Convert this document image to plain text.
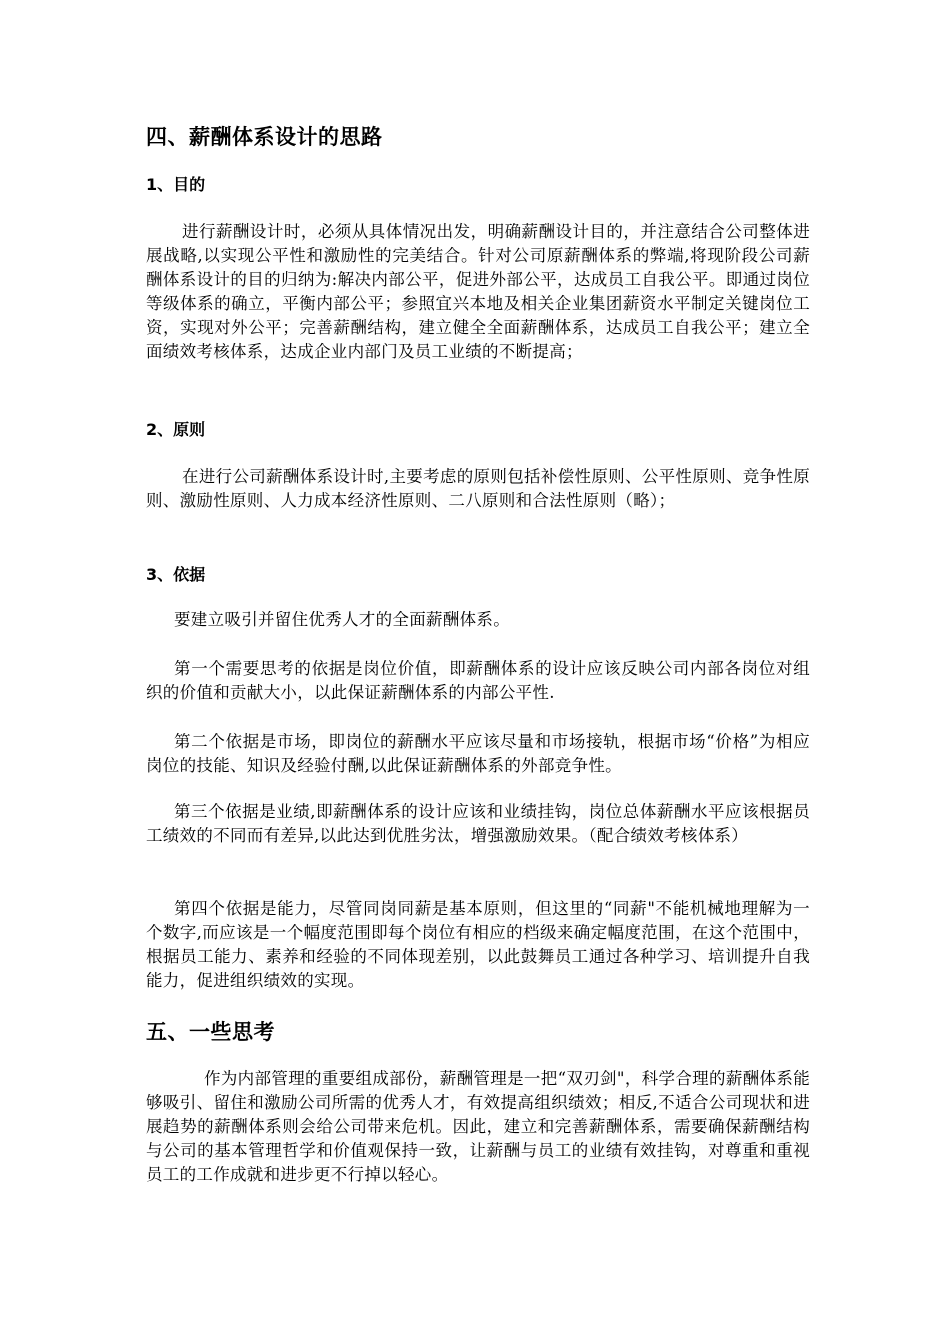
四、薪酬体系设计的思路
1、目的

进行薪酬设计时，必须从具体情况出发，明确薪酬设计目的，并注意结合公司整体进展战略,以实现公平性和激励性的完美结合。针对公司原薪酬体系的弊端,将现阶段公司薪酬体系设计的目的归纳为:解决内部公平，促进外部公平，达成员工自我公平。即通过岗位等级体系的确立，平衡内部公平；参照宜兴本地及相关企业集团薪资水平制定关键岗位工资，实现对外公平；完善薪酬结构，建立健全全面薪酬体系，达成员工自我公平；建立全面绩效考核体系，达成企业内部门及员工业绩的不断提高；

2、原则

在进行公司薪酬体系设计时,主要考虑的原则包括补偿性原则、公平性原则、竞争性原则、激励性原则、人力成本经济性原则、二八原则和合法性原则（略）；

3、依据

要建立吸引并留住优秀人才的全面薪酬体系。

第一个需要思考的依据是岗位价值，即薪酬体系的设计应该反映公司内部各岗位对组织的价值和贡献大小，以此保证薪酬体系的内部公平性.

第二个依据是市场，即岗位的薪酬水平应该尽量和市场接轨，根据市场“价格”为相应岗位的技能、知识及经验付酬,以此保证薪酬体系的外部竞争性。

第三个依据是业绩,即薪酬体系的设计应该和业绩挂钩，岗位总体薪酬水平应该根据员工绩效的不同而有差异,以此达到优胜劣汰，增强激励效果。（配合绩效考核体系）

第四个依据是能力，尽管同岗同薪是基本原则，但这里的“同薪"不能机械地理解为一个数字,而应该是一个幅度范围即每个岗位有相应的档级来确定幅度范围，在这个范围中，根据员工能力、素养和经验的不同体现差别，以此鼓舞员工通过各种学习、培训提升自我能力，促进组织绩效的实现。

五、一些思考

作为内部管理的重要组成部份，薪酬管理是一把“双刃剑"，科学合理的薪酬体系能够吸引、留住和激励公司所需的优秀人才，有效提高组织绩效；相反,不适合公司现状和进展趋势的薪酬体系则会给公司带来危机。因此，建立和完善薪酬体系，需要确保薪酬结构与公司的基本管理哲学和价值观保持一致，让薪酬与员工的业绩有效挂钩，对尊重和重视员工的工作成就和进步更不行掉以轻心。
